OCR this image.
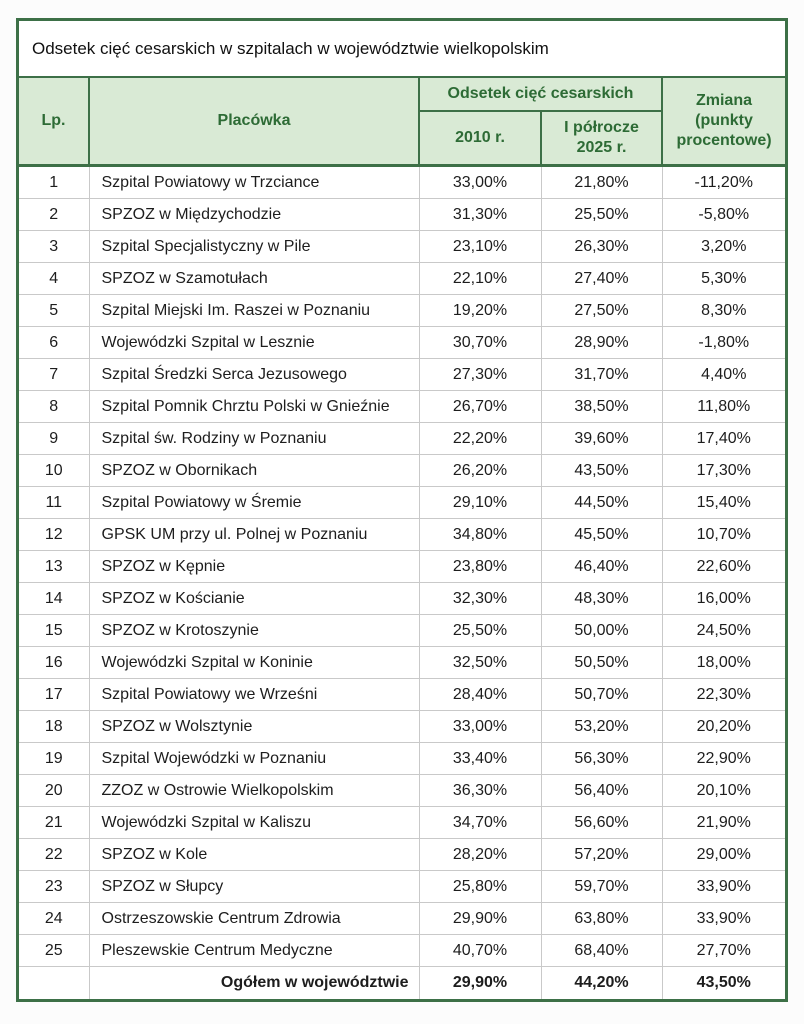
Odsetek cięć cesarskich w szpitalach w województwie wielkopolskim
Lp.	Placówka	Odsetek cięć cesarskich		Zmiana (punkty procentowe)
		2010 r.	I półrocze 2025 r.	
1	Szpital Powiatowy w Trzciance	33,00%	21,80%	-11,20%
2	SPZOZ w Międzychodzie	31,30%	25,50%	-5,80%
3	Szpital Specjalistyczny w Pile	23,10%	26,30%	3,20%
4	SPZOZ w Szamotułach	22,10%	27,40%	5,30%
5	Szpital Miejski Im. Raszei w Poznaniu	19,20%	27,50%	8,30%
6	Wojewódzki Szpital w Lesznie	30,70%	28,90%	-1,80%
7	Szpital Średzki Serca Jezusowego	27,30%	31,70%	4,40%
8	Szpital Pomnik Chrztu Polski w Gnieźnie	26,70%	38,50%	11,80%
9	Szpital św. Rodziny w Poznaniu	22,20%	39,60%	17,40%
10	SPZOZ w Obornikach	26,20%	43,50%	17,30%
11	Szpital Powiatowy w Śremie	29,10%	44,50%	15,40%
12	GPSK UM przy ul. Polnej w Poznaniu	34,80%	45,50%	10,70%
13	SPZOZ w Kępnie	23,80%	46,40%	22,60%
14	SPZOZ w Kościanie	32,30%	48,30%	16,00%
15	SPZOZ w Krotoszynie	25,50%	50,00%	24,50%
16	Wojewódzki Szpital w Koninie	32,50%	50,50%	18,00%
17	Szpital Powiatowy we Wrześni	28,40%	50,70%	22,30%
18	SPZOZ w Wolsztynie	33,00%	53,20%	20,20%
19	Szpital Wojewódzki w Poznaniu	33,40%	56,30%	22,90%
20	ZZOZ w Ostrowie Wielkopolskim	36,30%	56,40%	20,10%
21	Wojewódzki Szpital w Kaliszu	34,70%	56,60%	21,90%
22	SPZOZ w Kole	28,20%	57,20%	29,00%
23	SPZOZ w Słupcy	25,80%	59,70%	33,90%
24	Ostrzeszowskie Centrum Zdrowia	29,90%	63,80%	33,90%
25	Pleszewskie Centrum Medyczne	40,70%	68,40%	27,70%
	Ogółem w województwie	29,90%	44,20%	43,50%
